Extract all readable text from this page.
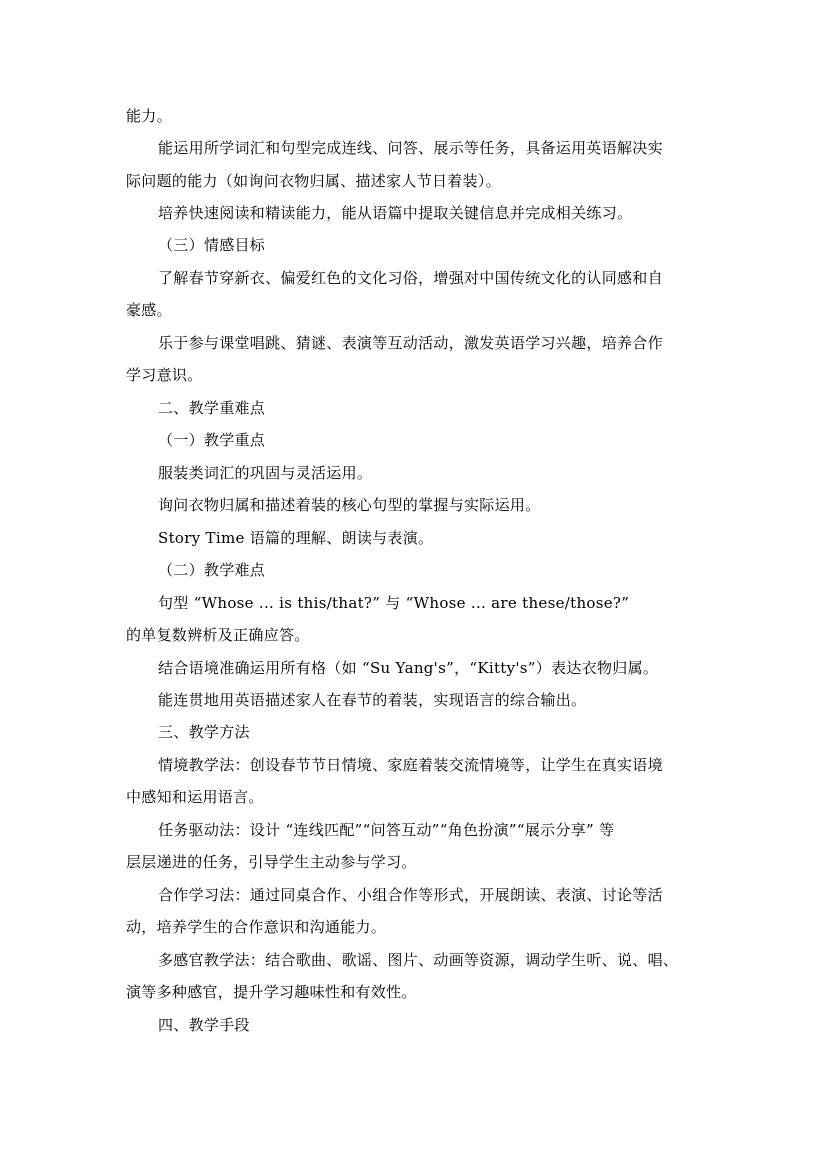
能力。
能运用所学词汇和句型完成连线、问答、展示等任务，具备运用英语解决实
际问题的能力（如询问衣物归属、描述家人节日着装）。
培养快速阅读和精读能力，能从语篇中提取关键信息并完成相关练习。
（三）情感目标
了解春节穿新衣、偏爱红色的文化习俗，增强对中国传统文化的认同感和自
豪感。
乐于参与课堂唱跳、猜谜、表演等互动活动，激发英语学习兴趣，培养合作
学习意识。
二、教学重难点
（一）教学重点
服装类词汇的巩固与灵活运用。
询问衣物归属和描述着装的核心句型的掌握与实际运用。
Story Time 语篇的理解、朗读与表演。
（二）教学难点
句型 “Whose ... is this/that?” 与 “Whose ... are these/those?”
的单复数辨析及正确应答。
结合语境准确运用所有格（如 “Su Yang's”，“Kitty's”）表达衣物归属。
能连贯地用英语描述家人在春节的着装，实现语言的综合输出。
三、教学方法
情境教学法：创设春节节日情境、家庭着装交流情境等，让学生在真实语境
中感知和运用语言。
任务驱动法：设计 “连线匹配”“问答互动”“角色扮演”“展示分享” 等
层层递进的任务，引导学生主动参与学习。
合作学习法：通过同桌合作、小组合作等形式，开展朗读、表演、讨论等活
动，培养学生的合作意识和沟通能力。
多感官教学法：结合歌曲、歌谣、图片、动画等资源，调动学生听、说、唱、
演等多种感官，提升学习趣味性和有效性。
四、教学手段
